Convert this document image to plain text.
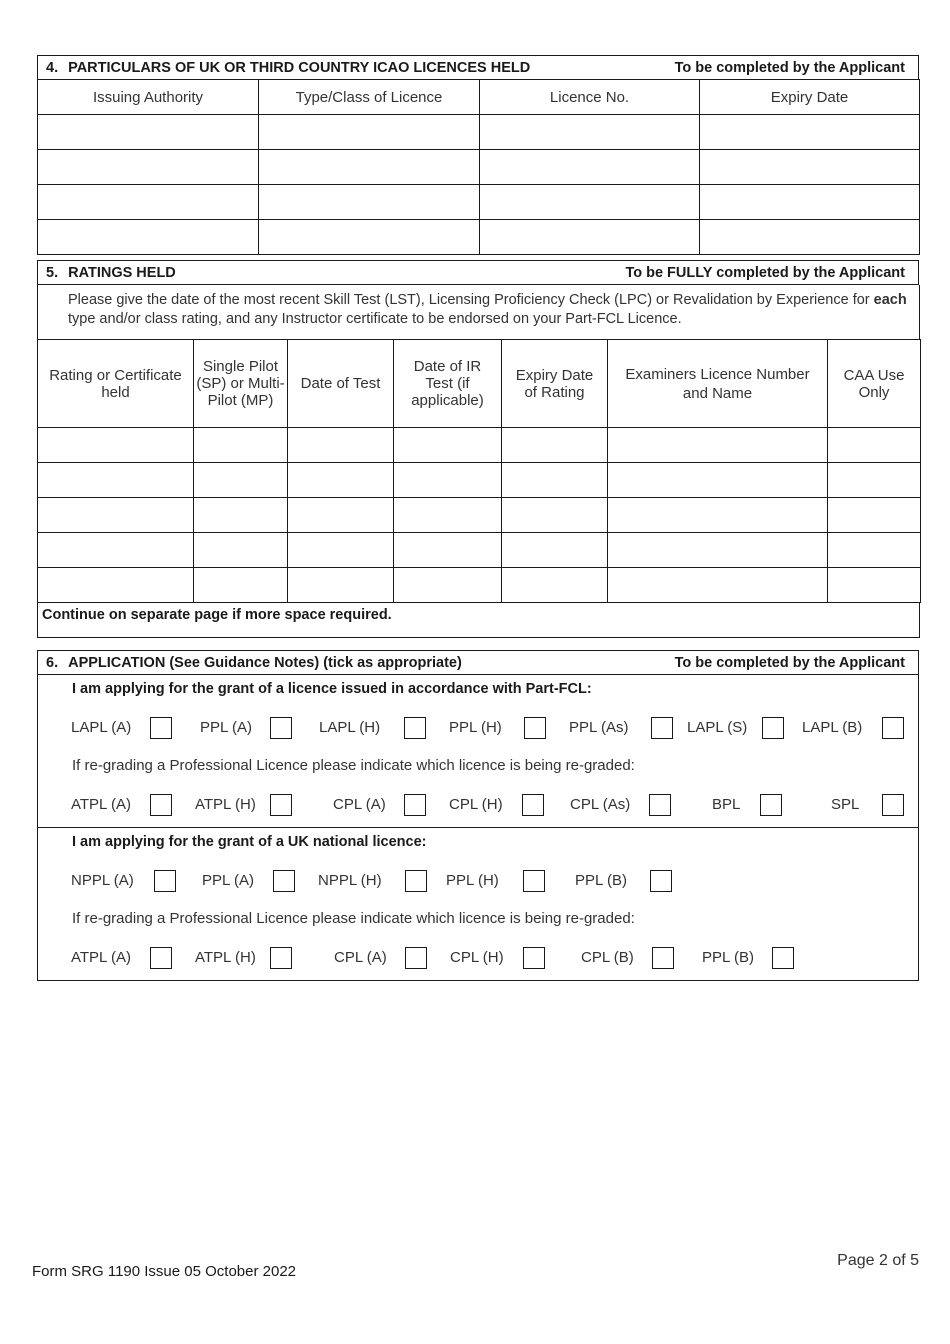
4. PARTICULARS OF UK OR THIRD COUNTRY ICAO LICENCES HELD	To be completed by the Applicant
Issuing Authority	Type/Class of Licence	Licence No.	Expiry Date

5. RATINGS HELD	To be FULLY completed by the Applicant
Please give the date of the most recent Skill Test (LST), Licensing Proficiency Check (LPC) or Revalidation by Experience for each type and/or class rating, and any Instructor certificate to be endorsed on your Part-FCL Licence.
Rating or Certificate held	Single Pilot (SP) or Multi-Pilot (MP)	Date of Test	Date of IR Test (if applicable)	Expiry Date of Rating	Examiners Licence Number and Name	CAA Use Only

Continue on separate page if more space required.
6. APPLICATION (See Guidance Notes) (tick as appropriate)	To be completed by the Applicant
I am applying for the grant of a licence issued in accordance with Part-FCL:
LAPL (A)	PPL (A)	LAPL (H)	PPL (H)	PPL (As)	LAPL (S)	LAPL (B)
If re-grading a Professional Licence please indicate which licence is being re-graded:
ATPL (A)	ATPL (H)	CPL (A)	CPL (H)	CPL (As)	BPL	SPL
I am applying for the grant of a UK national licence:
NPPL (A)	PPL (A)	NPPL (H)	PPL (H)	PPL (B)
If re-grading a Professional Licence please indicate which licence is being re-graded:
ATPL (A)	ATPL (H)	CPL (A)	CPL (H)	CPL (B)	PPL (B)
Form SRG 1190 Issue 05 October 2022
Page 2 of 5
